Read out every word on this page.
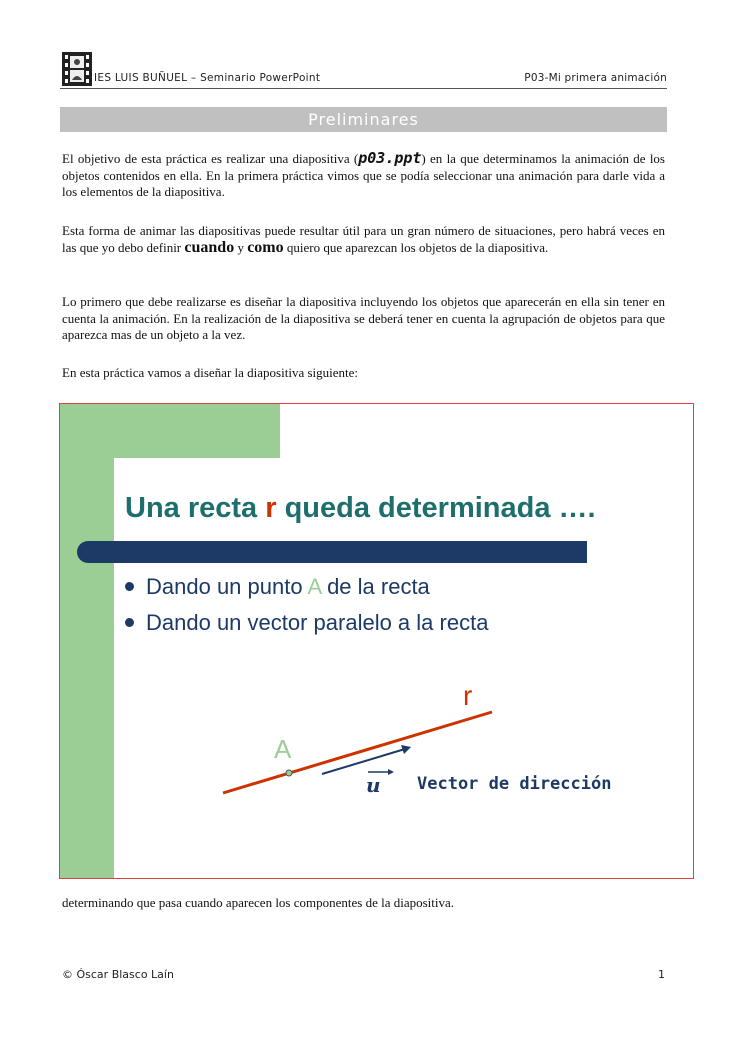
IES LUIS BUÑUEL – Seminario PowerPoint	P03-Mi primera animación
Preliminares
El objetivo de esta práctica es realizar una diapositiva (p03.ppt) en la que determinamos la animación de los objetos contenidos en ella. En la primera práctica vimos que se podía seleccionar una animación para darle vida a los elementos de la diapositiva.
Esta forma de animar las diapositivas puede resultar útil para un gran número de situaciones, pero habrá veces en las que yo debo definir cuando y como quiero que aparezcan los objetos de la diapositiva.
Lo primero que debe realizarse es diseñar la diapositiva incluyendo los objetos que aparecerán en ella sin tener en cuenta la animación. En la realización de la diapositiva se deberá tener en cuenta la agrupación de objetos para que aparezca mas de un objeto a la vez.
En esta práctica vamos a diseñar la diapositiva siguiente:
Una recta r queda determinada ….
Dando un punto A de la recta
Dando un vector paralelo a la recta
r
A
u Vector de dirección
determinando que pasa cuando aparecen los componentes de la diapositiva.
© Óscar Blasco Laín	1
